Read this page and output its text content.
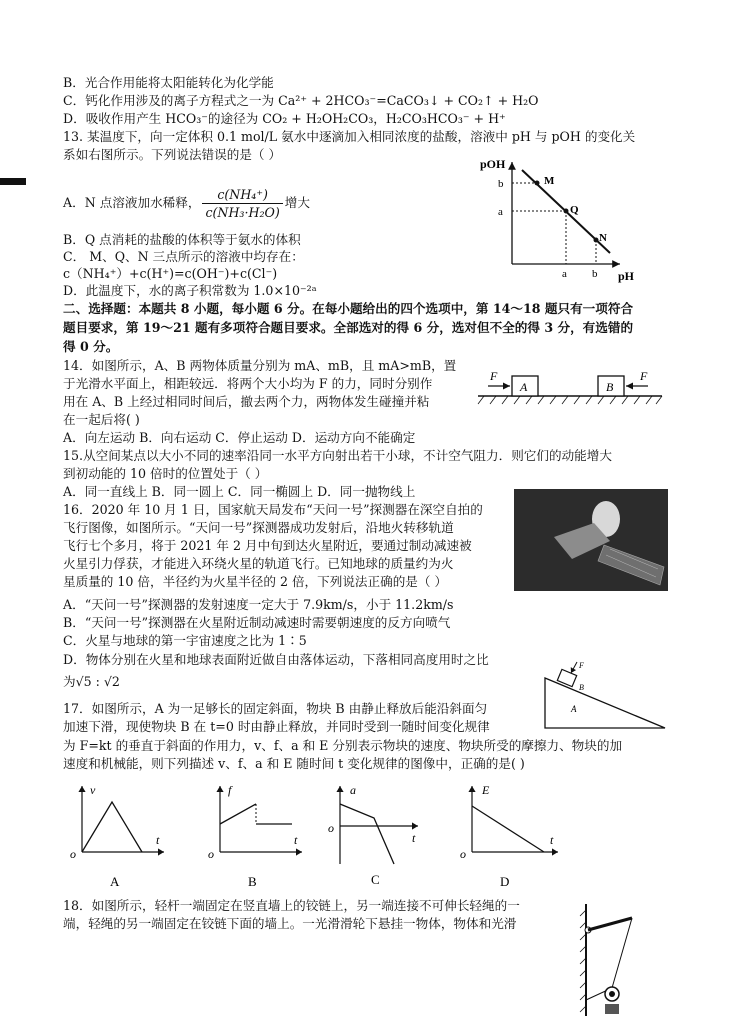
B．光合作用能将太阳能转化为化学能
C．钙化作用涉及的离子方程式之一为 Ca²⁺ + 2HCO₃⁻=CaCO₃↓ + CO₂↑ + H₂O
D．吸收作用产生 HCO₃⁻的途径为 CO₂ + H₂OH₂CO₃，H₂CO₃HCO₃⁻ + H⁺
13. 某温度下，向一定体积 0.1 mol/L 氨水中逐滴加入相同浓度的盐酸，溶液中 pH 与 pOH 的变化关
系如右图所示。下列说法错误的是（ ）
A．N 点溶液加水稀释， $\frac{\text{c(NH₄⁺)}}{\text{c(NH₃·H₂O)}}$ 增大
B．Q 点消耗的盐酸的体积等于氨水的体积
C． M、Q、N 三点所示的溶液中均存在：
c（NH₄⁺）+c(H⁺)=c(OH⁻)+c(Cl⁻)
D．此温度下，水的离子积常数为 1.0×10⁻²ᵃ
二、选择题：本题共 8 小题，每小题 6 分。在每小题给出的四个选项中，第 14～18 题只有一项符合
题目要求，第 19～21 题有多项符合题目要求。全部选对的得 6 分，选对但不全的得 3 分，有选错的
得 0 分。
14．如图所示，A、B 两物体质量分别为 mA、mB，且 mA>mB，置
于光滑水平面上，相距较远．将两个大小均为 F 的力，同时分别作
用在 A、B 上经过相同时间后，撤去两个力，两物体发生碰撞并粘
在一起后将( )
A．向左运动 B．向右运动 C．停止运动 D．运动方向不能确定
15.从空间某点以大小不同的速率沿同一水平方向射出若干小球，不计空气阻力．则它们的动能增大
到初动能的 10 倍时的位置处于（ ）
A．同一直线上 B．同一圆上 C．同一椭圆上 D．同一抛物线上
16．2020 年 10 月 1 日，国家航天局发布“天问一号”探测器在深空自拍的
飞行图像，如图所示。“天问一号”探测器成功发射后，沿地火转移轨道
飞行七个多月，将于 2021 年 2 月中旬到达火星附近，要通过制动减速被
火星引力俘获，才能进入环绕火星的轨道飞行。已知地球的质量约为火
星质量的 10 倍，半径约为火星半径的 2 倍，下列说法正确的是（ ）
A．“天问一号”探测器的发射速度一定大于 7.9km/s，小于 11.2km/s
B．“天问一号”探测器在火星附近制动减速时需要朝速度的反方向喷气
C．火星与地球的第一宇宙速度之比为 1∶5
D．物体分别在火星和地球表面附近做自由落体运动，下落相同高度用时之比
为√5 : √2
17．如图所示，A 为一足够长的固定斜面，物块 B 由静止释放后能沿斜面匀
加速下滑，现使物块 B 在 t=0 时由静止释放，并同时受到一随时间变化规律
为 F=kt 的垂直于斜面的作用力，v、f、a 和 E 分别表示物块的速度、物块所受的摩擦力、物块的加
速度和机械能，则下列描述 v、f、a 和 E 随时间 t 变化规律的图像中，正确的是( )
18．如图所示，轻杆一端固定在竖直墙上的铰链上，另一端连接不可伸长轻绳的一
端，轻绳的另一端固定在铰链下面的墙上。一光滑滑轮下悬挂一物体，物体和光滑
pOH
b
a
a b pH
M
Q
N
F	F
A	B
F
B
A
v
t
o
A
f
t
o
B
a
t
o
C
E
t
o
D
